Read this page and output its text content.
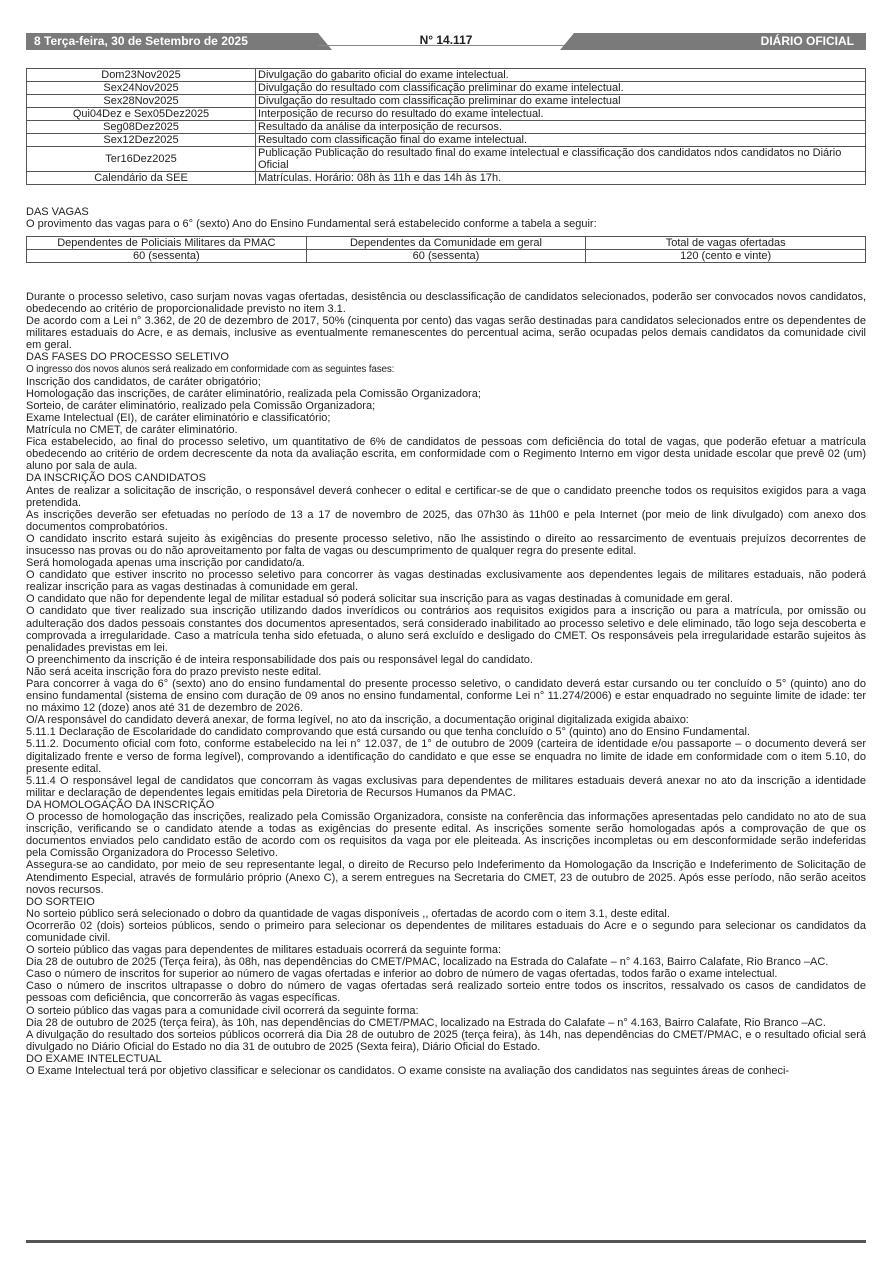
8 Terça-feira, 30 de Setembro de 2025	N° 14.117	DIÁRIO OFICIAL
Dom23Nov2025	Divulgação do gabarito oficial do exame intelectual.
Sex24Nov2025	Divulgação do resultado com classificação preliminar do exame intelectual.
Sex28Nov2025	Divulgação do resultado com classificação preliminar do exame intelectual
Qui04Dez e Sex05Dez2025	Interposição de recurso do resultado do exame intelectual.
Seg08Dez2025	Resultado da análise da interposição de recursos.
Sex12Dez2025	Resultado com classificação final do exame intelectual.
Ter16Dez2025	Publicação Publicação do resultado final do exame intelectual e classificação dos candidatos ndos candidatos no Diário Oficial
Calendário da SEE	Matrículas. Horário: 08h às 11h e das 14h às 17h.

DAS VAGAS

O provimento das vagas para o 6° (sexto) Ano do Ensino Fundamental será estabelecido conforme a tabela a seguir:

Dependentes de Policiais Militares da PMAC	Dependentes da Comunidade em geral	Total de vagas ofertadas
60 (sessenta)	60 (sessenta)	120 (cento e vinte)

Durante o processo seletivo, caso surjam novas vagas ofertadas, desistência ou desclassificação de candidatos selecionados, poderão ser convocados novos candidatos, obedecendo ao critério de proporcionalidade previsto no item 3.1.

De acordo com a Lei n° 3.362, de 20 de dezembro de 2017, 50% (cinquenta por cento) das vagas serão destinadas para candidatos selecionados entre os dependentes de militares estaduais do Acre, e as demais, inclusive as eventualmente remanescentes do percentual acima, serão ocupadas pelos demais candidatos da comunidade civil em geral.

DAS FASES DO PROCESSO SELETIVO

O ingresso dos novos alunos será realizado em conformidade com as seguintes fases:

Inscrição dos candidatos, de caráter obrigatório;

Homologação das inscrições, de caráter eliminatório, realizada pela Comissão Organizadora;

Sorteio, de caráter eliminatório, realizado pela Comissão Organizadora;

Exame Intelectual (EI), de caráter eliminatório e classificatório;

Matrícula no CMET, de caráter eliminatório.

Fica estabelecido, ao final do processo seletivo, um quantitativo de 6% de candidatos de pessoas com deficiência do total de vagas, que poderão efetuar a matrícula obedecendo ao critério de ordem decrescente da nota da avaliação escrita, em conformidade com o Regimento Interno em vigor desta unidade escolar que prevê 02 (um) aluno por sala de aula.

DA INSCRIÇÃO DOS CANDIDATOS

Antes de realizar a solicitação de inscrição, o responsável deverá conhecer o edital e certificar-se de que o candidato preenche todos os requisitos exigidos para a vaga pretendida.

As inscrições deverão ser efetuadas no período de 13 a 17 de novembro de 2025, das 07h30 às 11h00 e pela Internet (por meio de link divulgado) com anexo dos documentos comprobatórios.

O candidato inscrito estará sujeito às exigências do presente processo seletivo, não lhe assistindo o direito ao ressarcimento de eventuais prejuízos decorrentes de insucesso nas provas ou do não aproveitamento por falta de vagas ou descumprimento de qualquer regra do presente edital.

Será homologada apenas uma inscrição por candidato/a.

O candidato que estiver inscrito no processo seletivo para concorrer às vagas destinadas exclusivamente aos dependentes legais de militares estaduais, não poderá realizar inscrição para as vagas destinadas à comunidade em geral.

O candidato que não for dependente legal de militar estadual só poderá solicitar sua inscrição para as vagas destinadas à comunidade em geral.

O candidato que tiver realizado sua inscrição utilizando dados inverídicos ou contrários aos requisitos exigidos para a inscrição ou para a matrícula, por omissão ou adulteração dos dados pessoais constantes dos documentos apresentados, será considerado inabilitado ao processo seletivo e dele eliminado, tão logo seja descoberta e comprovada a irregularidade. Caso a matrícula tenha sido efetuada, o aluno será excluído e desligado do CMET. Os responsáveis pela irregularidade estarão sujeitos às penalidades previstas em lei.

O preenchimento da inscrição é de inteira responsabilidade dos pais ou responsável legal do candidato.

Não será aceita inscrição fora do prazo previsto neste edital.

Para concorrer à vaga do 6° (sexto) ano do ensino fundamental do presente processo seletivo, o candidato deverá estar cursando ou ter concluído o 5° (quinto) ano do ensino fundamental (sistema de ensino com duração de 09 anos no ensino fundamental, conforme Lei n° 11.274/2006) e estar enquadrado no seguinte limite de idade: ter no máximo 12 (doze) anos até 31 de dezembro de 2026.

O/A responsável do candidato deverá anexar, de forma legível, no ato da inscrição, a documentação original digitalizada exigida abaixo:

5.11.1 Declaração de Escolaridade do candidato comprovando que está cursando ou que tenha concluído o 5° (quinto) ano do Ensino Fundamental.

5.11.2. Documento oficial com foto, conforme estabelecido na lei n° 12.037, de 1° de outubro de 2009 (carteira de identidade e/ou passaporte – o documento deverá ser digitalizado frente e verso de forma legível), comprovando a identificação do candidato e que esse se enquadra no limite de idade em conformidade com o item 5.10, do presente edital.

5.11.4 O responsável legal de candidatos que concorram às vagas exclusivas para dependentes de militares estaduais deverá anexar no ato da inscrição a identidade militar e declaração de dependentes legais emitidas pela Diretoria de Recursos Humanos da PMAC.

DA HOMOLOGAÇÃO DA INSCRIÇÃO

O processo de homologação das inscrições, realizado pela Comissão Organizadora, consiste na conferência das informações apresentadas pelo candidato no ato de sua inscrição, verificando se o candidato atende a todas as exigências do presente edital. As inscrições somente serão homologadas após a comprovação de que os documentos enviados pelo candidato estão de acordo com os requisitos da vaga por ele pleiteada. As inscrições incompletas ou em desconformidade serão indeferidas pela Comissão Organizadora do Processo Seletivo.

Assegura-se ao candidato, por meio de seu representante legal, o direito de Recurso pelo Indeferimento da Homologação da Inscrição e Indeferimento de Solicitação de Atendimento Especial, através de formulário próprio (Anexo C), a serem entregues na Secretaria do CMET, 23 de outubro de 2025. Após esse período, não serão aceitos novos recursos.

DO SORTEIO

No sorteio público será selecionado o dobro da quantidade de vagas disponíveis ,, ofertadas de acordo com o item 3.1, deste edital.

Ocorrerão 02 (dois) sorteios públicos, sendo o primeiro para selecionar os dependentes de militares estaduais do Acre e o segundo para selecionar os candidatos da comunidade civil.

O sorteio público das vagas para dependentes de militares estaduais ocorrerá da seguinte forma:

Dia 28 de outubro de 2025 (Terça feira), às 08h, nas dependências do CMET/PMAC, localizado na Estrada do Calafate – n° 4.163, Bairro Calafate, Rio Branco –AC.

Caso o número de inscritos for superior ao número de vagas ofertadas e inferior ao dobro de número de vagas ofertadas, todos farão o exame intelectual.

Caso o número de inscritos ultrapasse o dobro do número de vagas ofertadas será realizado sorteio entre todos os inscritos, ressalvado os casos de candidatos de pessoas com deficiência, que concorrerão às vagas específicas.

O sorteio público das vagas para a comunidade civil ocorrerá da seguinte forma:

Dia 28 de outubro de 2025 (terça feira), às 10h, nas dependências do CMET/PMAC, localizado na Estrada do Calafate – n° 4.163, Bairro Calafate, Rio Branco –AC.

A divulgação do resultado dos sorteios públicos ocorrerá dia Dia 28 de outubro de 2025 (terça feira), às 14h, nas dependências do CMET/PMAC, e o resultado oficial será divulgado no Diário Oficial do Estado no dia 31 de outubro de 2025 (Sexta feira), Diário Oficial do Estado.

DO EXAME INTELECTUAL

O Exame Intelectual terá por objetivo classificar e selecionar os candidatos. O exame consiste na avaliação dos candidatos nas seguintes áreas de conheci-
